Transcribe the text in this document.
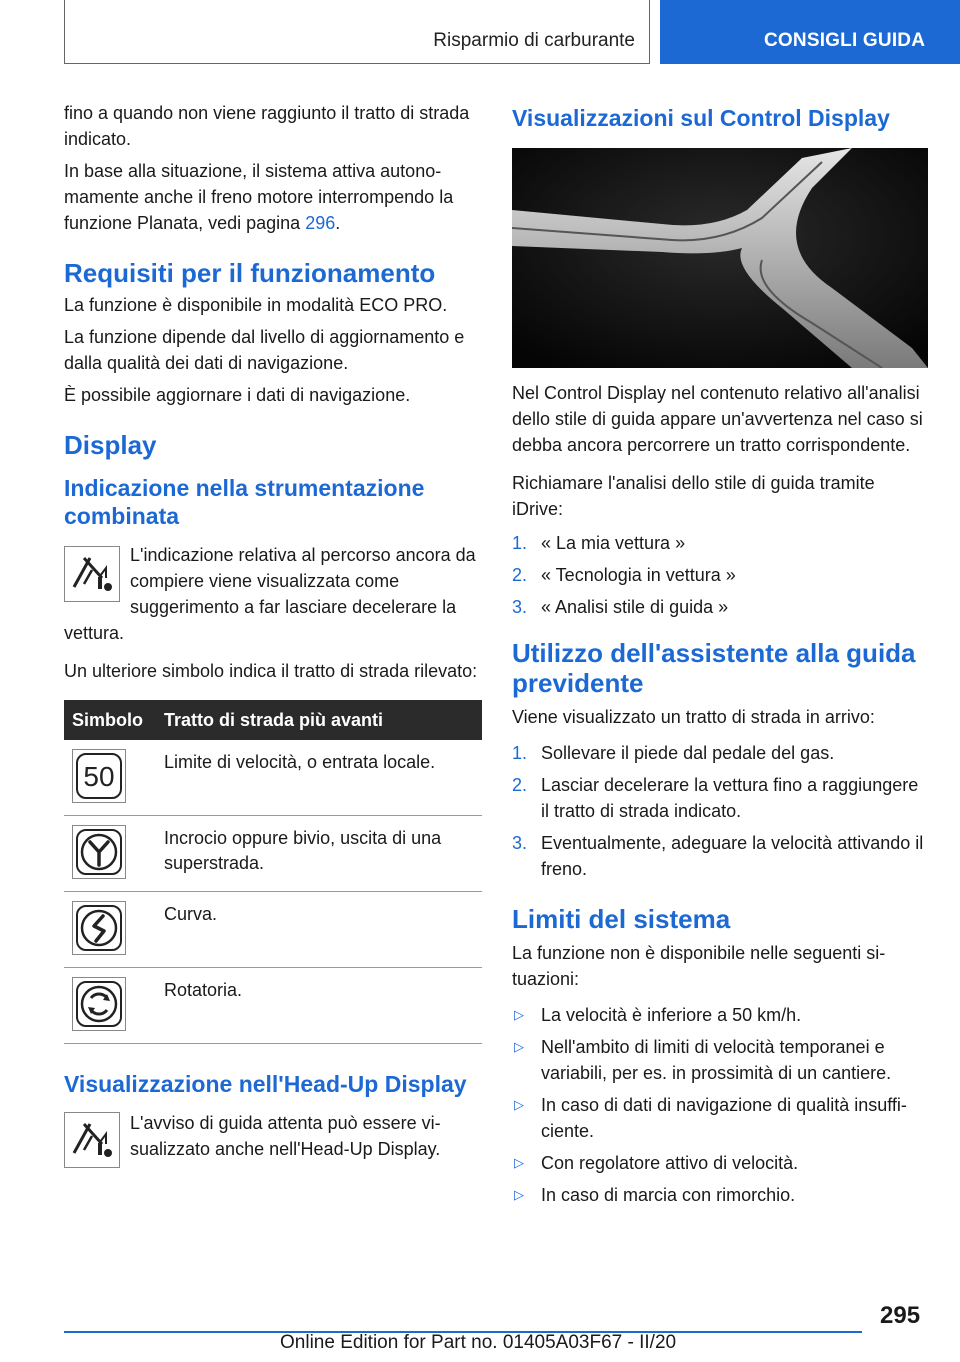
Risparmio di carburante	CONSIGLI GUIDA

fino a quando non viene raggiunto il tratto di strada indicato.

In base alla situazione, il sistema attiva autonomamente anche il freno motore interrompendo la funzione Planata, vedi pagina 296.

Requisiti per il funzionamento

La funzione è disponibile in modalità ECO PRO.

La funzione dipende dal livello di aggiornamento e dalla qualità dei dati di navigazione.

È possibile aggiornare i dati di navigazione.

Display
Indicazione nella strumentazione combinata

L'indicazione relativa al percorso ancora da compiere viene visualizzata come suggerimento a far lasciare decelerare la vettura.

Un ulteriore simbolo indica il tratto di strada rilevato:

Simbolo Tratto di strada più avanti
50	Limite di velocità, o entrata locale.
Incrocio oppure bivio, uscita di una superstrada.
Curva.
Rotatoria.
Visualizzazione nell'Head-Up Display

L'avviso di guida attenta può essere visualizzato anche nell'Head-Up Display.

Visualizzazioni sul Control Display

Nel Control Display nel contenuto relativo all'analisi dello stile di guida appare un'avvertenza nel caso si debba ancora percorrere un tratto corrispondente.

Richiamare l'analisi dello stile di guida tramite iDrive:

1. « La mia vettura »
2. « Tecnologia in vettura »
3. « Analisi stile di guida »
Utilizzo dell'assistente alla guida previdente

Viene visualizzato un tratto di strada in arrivo:

1. Sollevare il piede dal pedale del gas.
2. Lasciar decelerare la vettura fino a raggiungere il tratto di strada indicato.
3. Eventualmente, adeguare la velocità attivando il freno.
Limiti del sistema

La funzione non è disponibile nelle seguenti situazioni:

▷ La velocità è inferiore a 50 km/h.
▷ Nell'ambito di limiti di velocità temporanei e variabili, per es. in prossimità di un cantiere.
▷ In caso di dati di navigazione di qualità insufficiente.
▷ Con regolatore attivo di velocità.
▷ In caso di marcia con rimorchio.
295
Online Edition for Part no. 01405A03F67 - II/20
